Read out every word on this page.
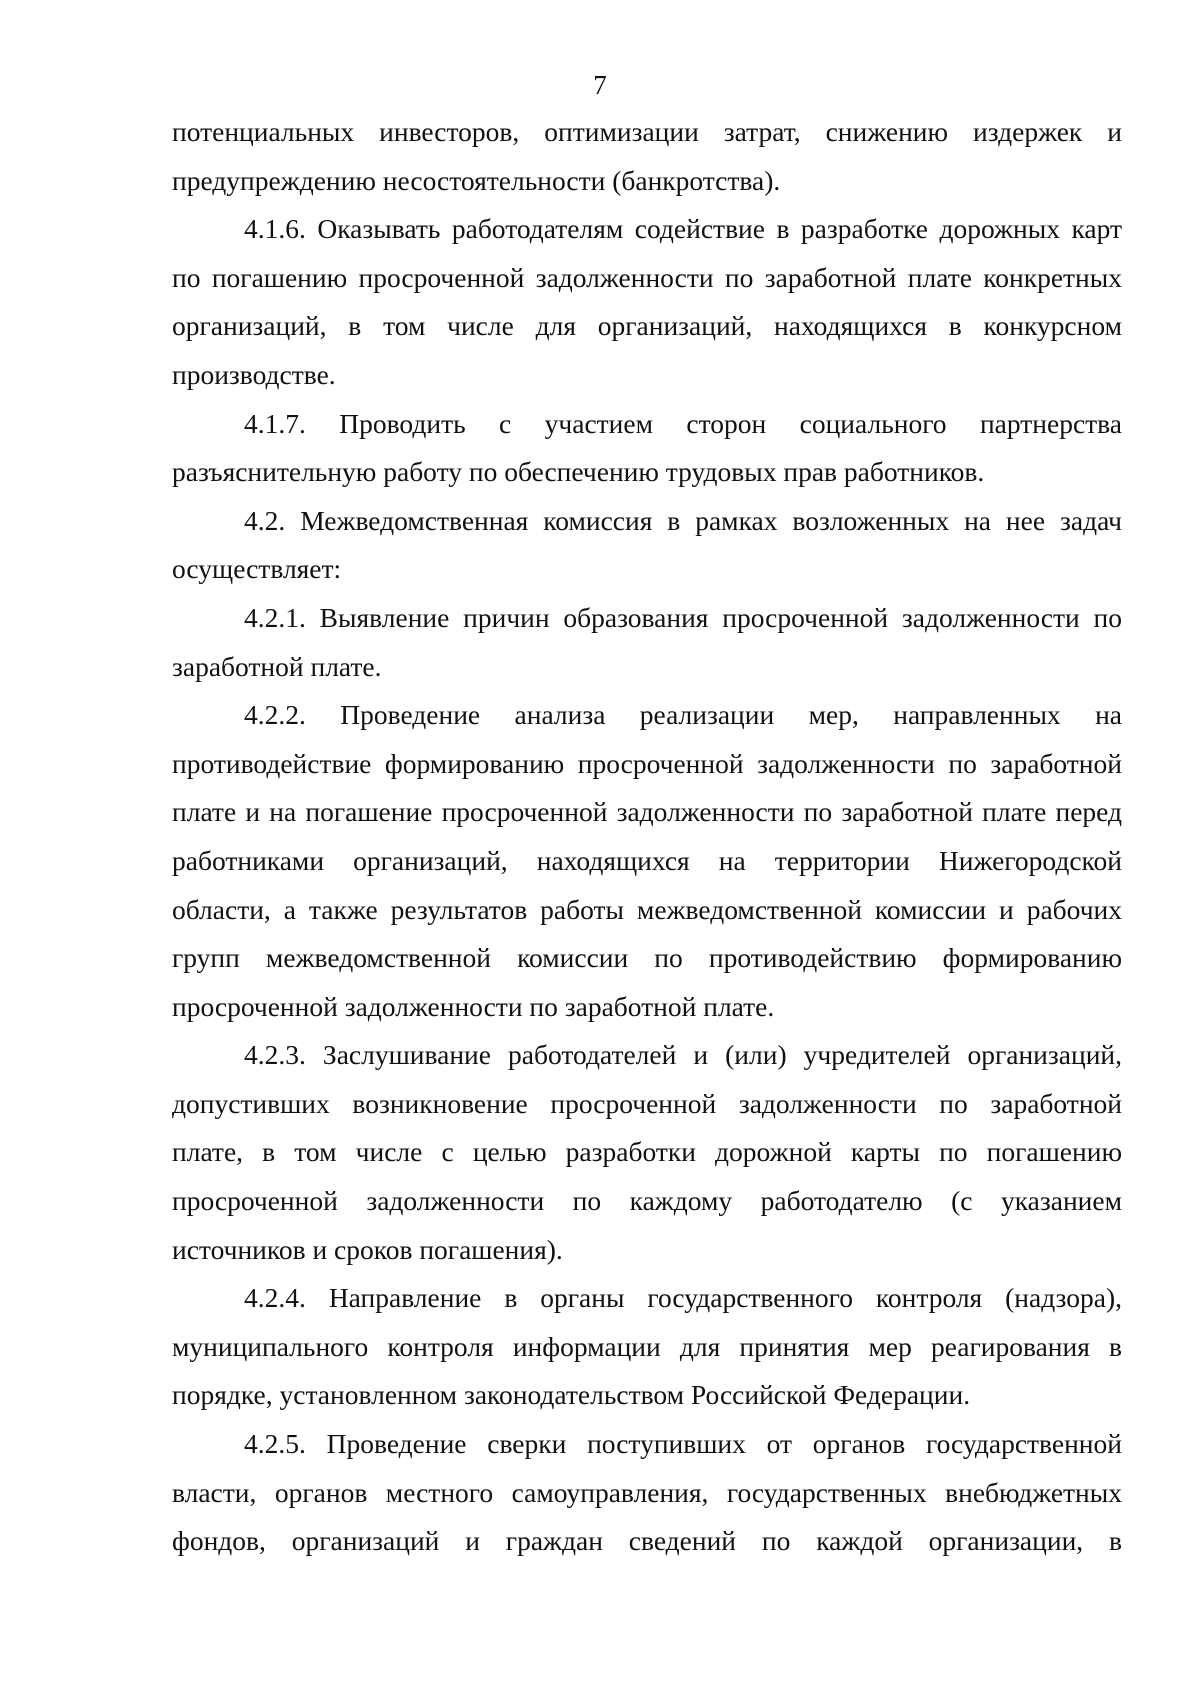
7

потенциальных инвесторов, оптимизации затрат, снижению издержек и
предупреждению несостоятельности (банкротства).

4.1.6. Оказывать работодателям содействие в разработке дорожных карт
по погашению просроченной задолженности по заработной плате конкретных
организаций, в том числе для организаций, находящихся в конкурсном
производстве.

4.1.7. Проводить с участием сторон социального партнерства
разъяснительную работу по обеспечению трудовых прав работников.

4.2. Межведомственная комиссия в рамках возложенных на нее задач
осуществляет:

4.2.1. Выявление причин образования просроченной задолженности по
заработной плате.

4.2.2. Проведение анализа реализации мер, направленных на
противодействие формированию просроченной задолженности по заработной
плате и на погашение просроченной задолженности по заработной плате перед
работниками организаций, находящихся на территории Нижегородской
области, а также результатов работы межведомственной комиссии и рабочих
групп межведомственной комиссии по противодействию формированию
просроченной задолженности по заработной плате.

4.2.3. Заслушивание работодателей и (или) учредителей организаций,
допустивших возникновение просроченной задолженности по заработной
плате, в том числе с целью разработки дорожной карты по погашению
просроченной задолженности по каждому работодателю (с указанием
источников и сроков погашения).

4.2.4. Направление в органы государственного контроля (надзора),
муниципального контроля информации для принятия мер реагирования в
порядке, установленном законодательством Российской Федерации.

4.2.5. Проведение сверки поступивших от органов государственной
власти, органов местного самоуправления, государственных внебюджетных
фондов, организаций и граждан сведений по каждой организации, в
